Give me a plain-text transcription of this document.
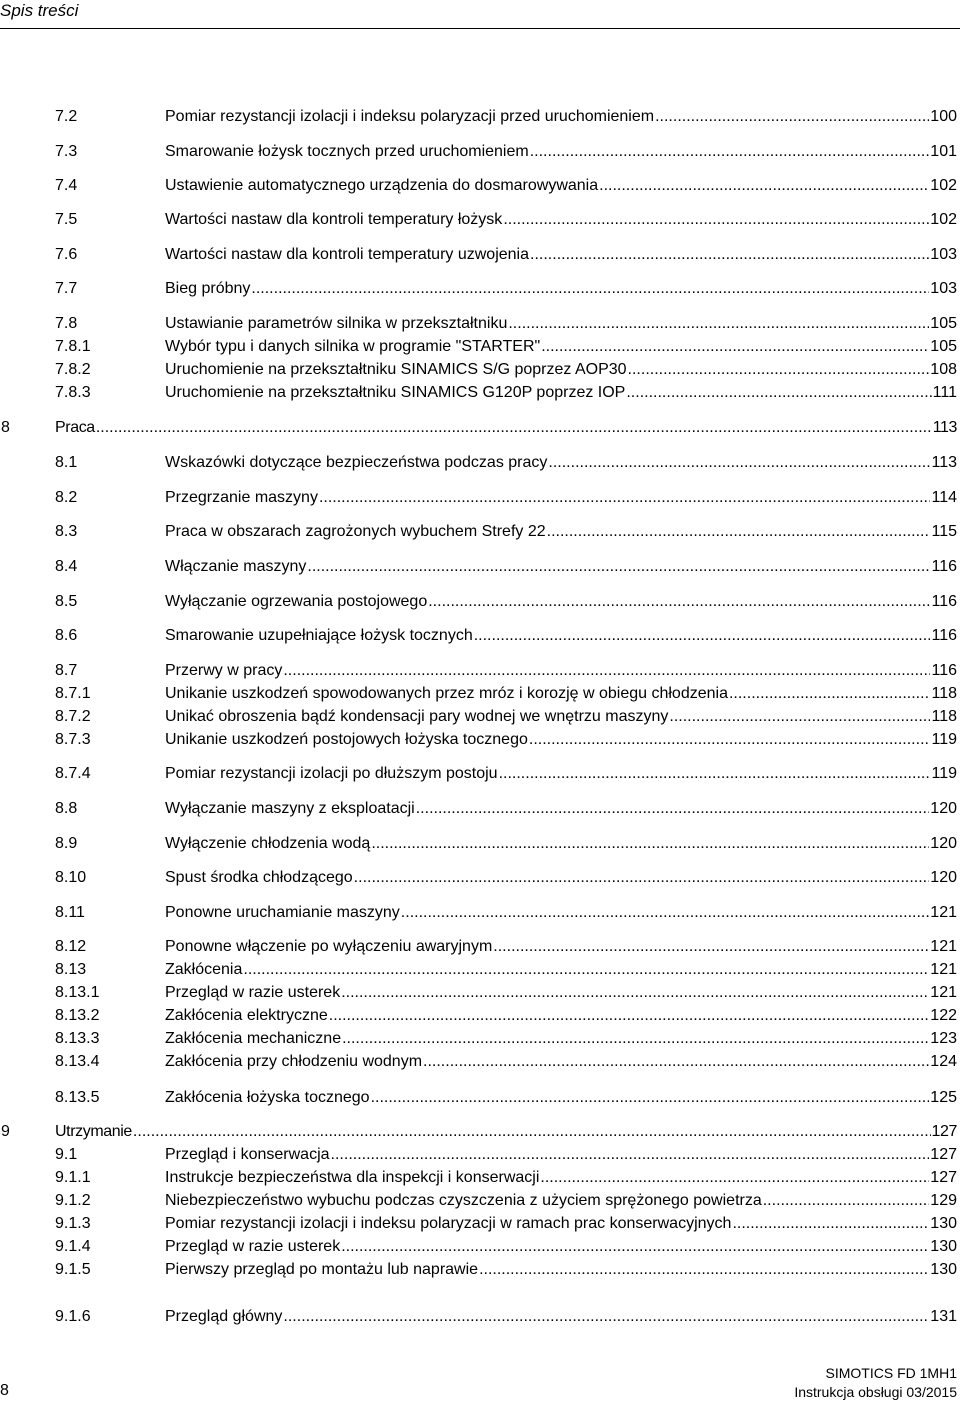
Spis treści
7.2	Pomiar rezystancji izolacji i indeksu polaryzacji przed uruchomieniem .....	100
7.3	Smarowanie łożysk tocznych przed uruchomieniem .....	101
7.4	Ustawienie automatycznego urządzenia do dosmarowywania .....	102
7.5	Wartości nastaw dla kontroli temperatury łożysk .....	102
7.6	Wartości nastaw dla kontroli temperatury uzwojenia .....	103
7.7	Bieg próbny .....	103
7.8	Ustawianie parametrów silnika w przekształtniku .....	105
7.8.1	Wybór typu i danych silnika w programie "STARTER" .....	105
7.8.2	Uruchomienie na przekształtniku SINAMICS S/G poprzez AOP30 .....	108
7.8.3	Uruchomienie na przekształtniku SINAMICS G120P poprzez IOP .....	111
8	Praca .....	113
8.1	Wskazówki dotyczące bezpieczeństwa podczas pracy .....	113
8.2	Przegrzanie maszyny .....	114
8.3	Praca w obszarach zagrożonych wybuchem Strefy 22 .....	115
8.4	Włączanie maszyny .....	116
8.5	Wyłączanie ogrzewania postojowego .....	116
8.6	Smarowanie uzupełniające łożysk tocznych .....	116
8.7	Przerwy w pracy .....	116
8.7.1	Unikanie uszkodzeń spowodowanych przez mróz i korozję w obiegu chłodzenia .....	118
8.7.2	Unikać obroszenia bądź kondensacji pary wodnej we wnętrzu maszyny .....	118
8.7.3	Unikanie uszkodzeń postojowych łożyska tocznego .....	119
8.7.4	Pomiar rezystancji izolacji po dłuższym postoju .....	119
8.8	Wyłączanie maszyny z eksploatacji .....	120
8.9	Wyłączenie chłodzenia wodą .....	120
8.10	Spust środka chłodzącego .....	120
8.11	Ponowne uruchamianie maszyny .....	121
8.12	Ponowne włączenie po wyłączeniu awaryjnym .....	121
8.13	Zakłócenia .....	121
8.13.1	Przegląd w razie usterek .....	121
8.13.2	Zakłócenia elektryczne .....	122
8.13.3	Zakłócenia mechaniczne .....	123
8.13.4	Zakłócenia przy chłodzeniu wodnym .....	124
8.13.5	Zakłócenia łożyska tocznego .....	125
9	Utrzymanie .....	127
9.1	Przegląd i konserwacja .....	127
9.1.1	Instrukcje bezpieczeństwa dla inspekcji i konserwacji .....	127
9.1.2	Niebezpieczeństwo wybuchu podczas czyszczenia z użyciem sprężonego powietrza .....	129
9.1.3	Pomiar rezystancji izolacji i indeksu polaryzacji w ramach prac konserwacyjnych .....	130
9.1.4	Przegląd w razie usterek .....	130
9.1.5	Pierwszy przegląd po montażu lub naprawie .....	130
9.1.6	Przegląd główny .....	131
8
SIMOTICS FD 1MH1
Instrukcja obsługi 03/2015
